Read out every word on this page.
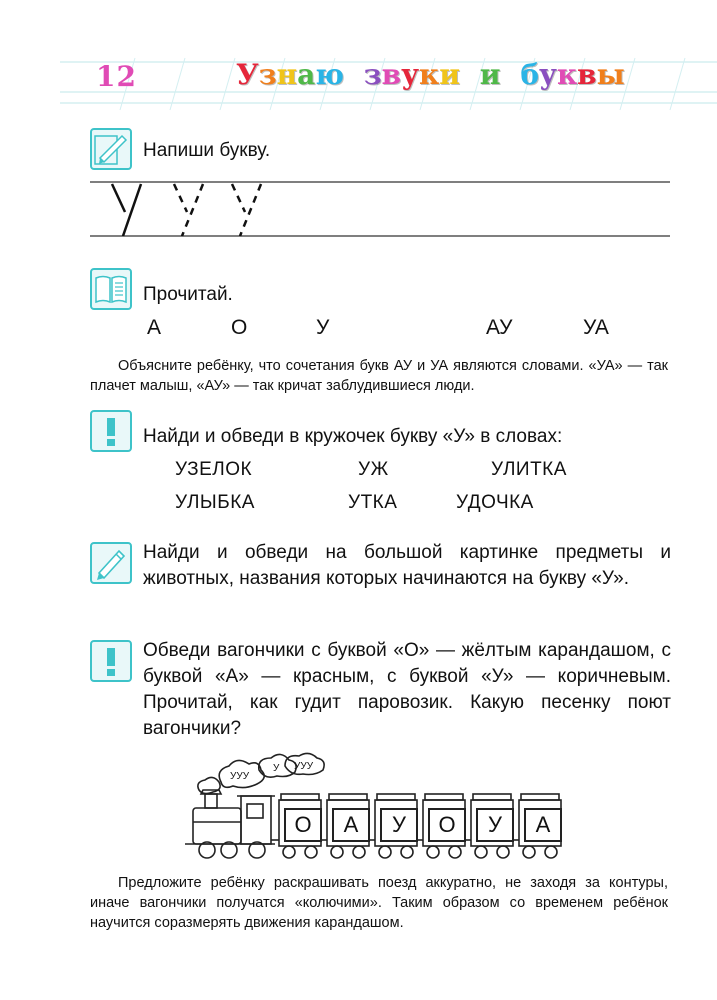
12	Узнаю звуки и буквы
Напиши букву.
Прочитай.
А	О	У	АУ	УА
Объясните ребёнку, что сочетания букв АУ и УА являются словами. «УА» — так плачет малыш, «АУ» — так кричат заблудившиеся люди.
Найди и обведи в кружочек букву «У» в словах:
УЗЕЛОК	УЖ	УЛИТКА
УЛЫБКА	УТКА	УДОЧКА
Найди и обведи на большой картинке предметы и животных, названия которых начинаются на букву «У».
Обведи вагончики с буквой «О» — жёлтым карандашом, с буквой «А» — красным, с буквой «У» — коричневым. Прочитай, как гудит паровозик. Какую песенку поют вагончики?
УУУ
У УУУ
О	А	У	О	У	А
Предложите ребёнку раскрашивать поезд аккуратно, не заходя за контуры, иначе вагончики получатся «колючими». Таким образом со временем ребёнок научится соразмерять движения карандашом.
